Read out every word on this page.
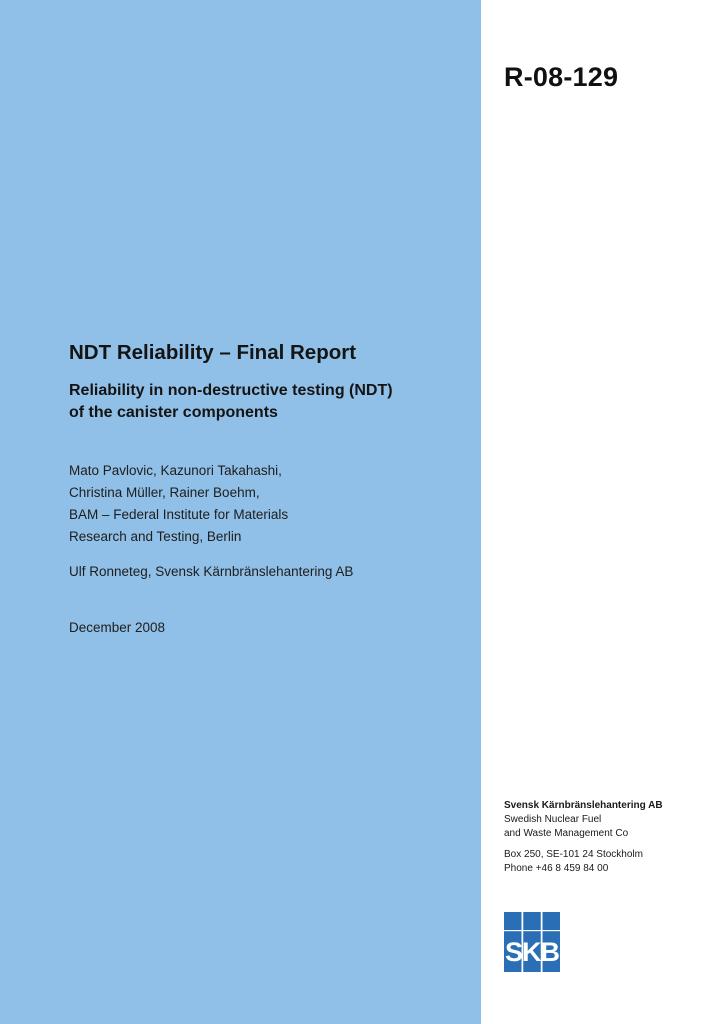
R-08-129
NDT Reliability – Final Report
Reliability in non-destructive testing (NDT)
of the canister components
Mato Pavlovic, Kazunori Takahashi,
Christina Müller, Rainer Boehm,
BAM – Federal Institute for Materials
Research and Testing, Berlin
Ulf Ronneteg, Svensk Kärnbränslehantering AB
December 2008
Svensk Kärnbränslehantering AB
Swedish Nuclear Fuel
and Waste Management Co
Box 250, SE-101 24 Stockholm
Phone +46 8 459 84 00
SKB
